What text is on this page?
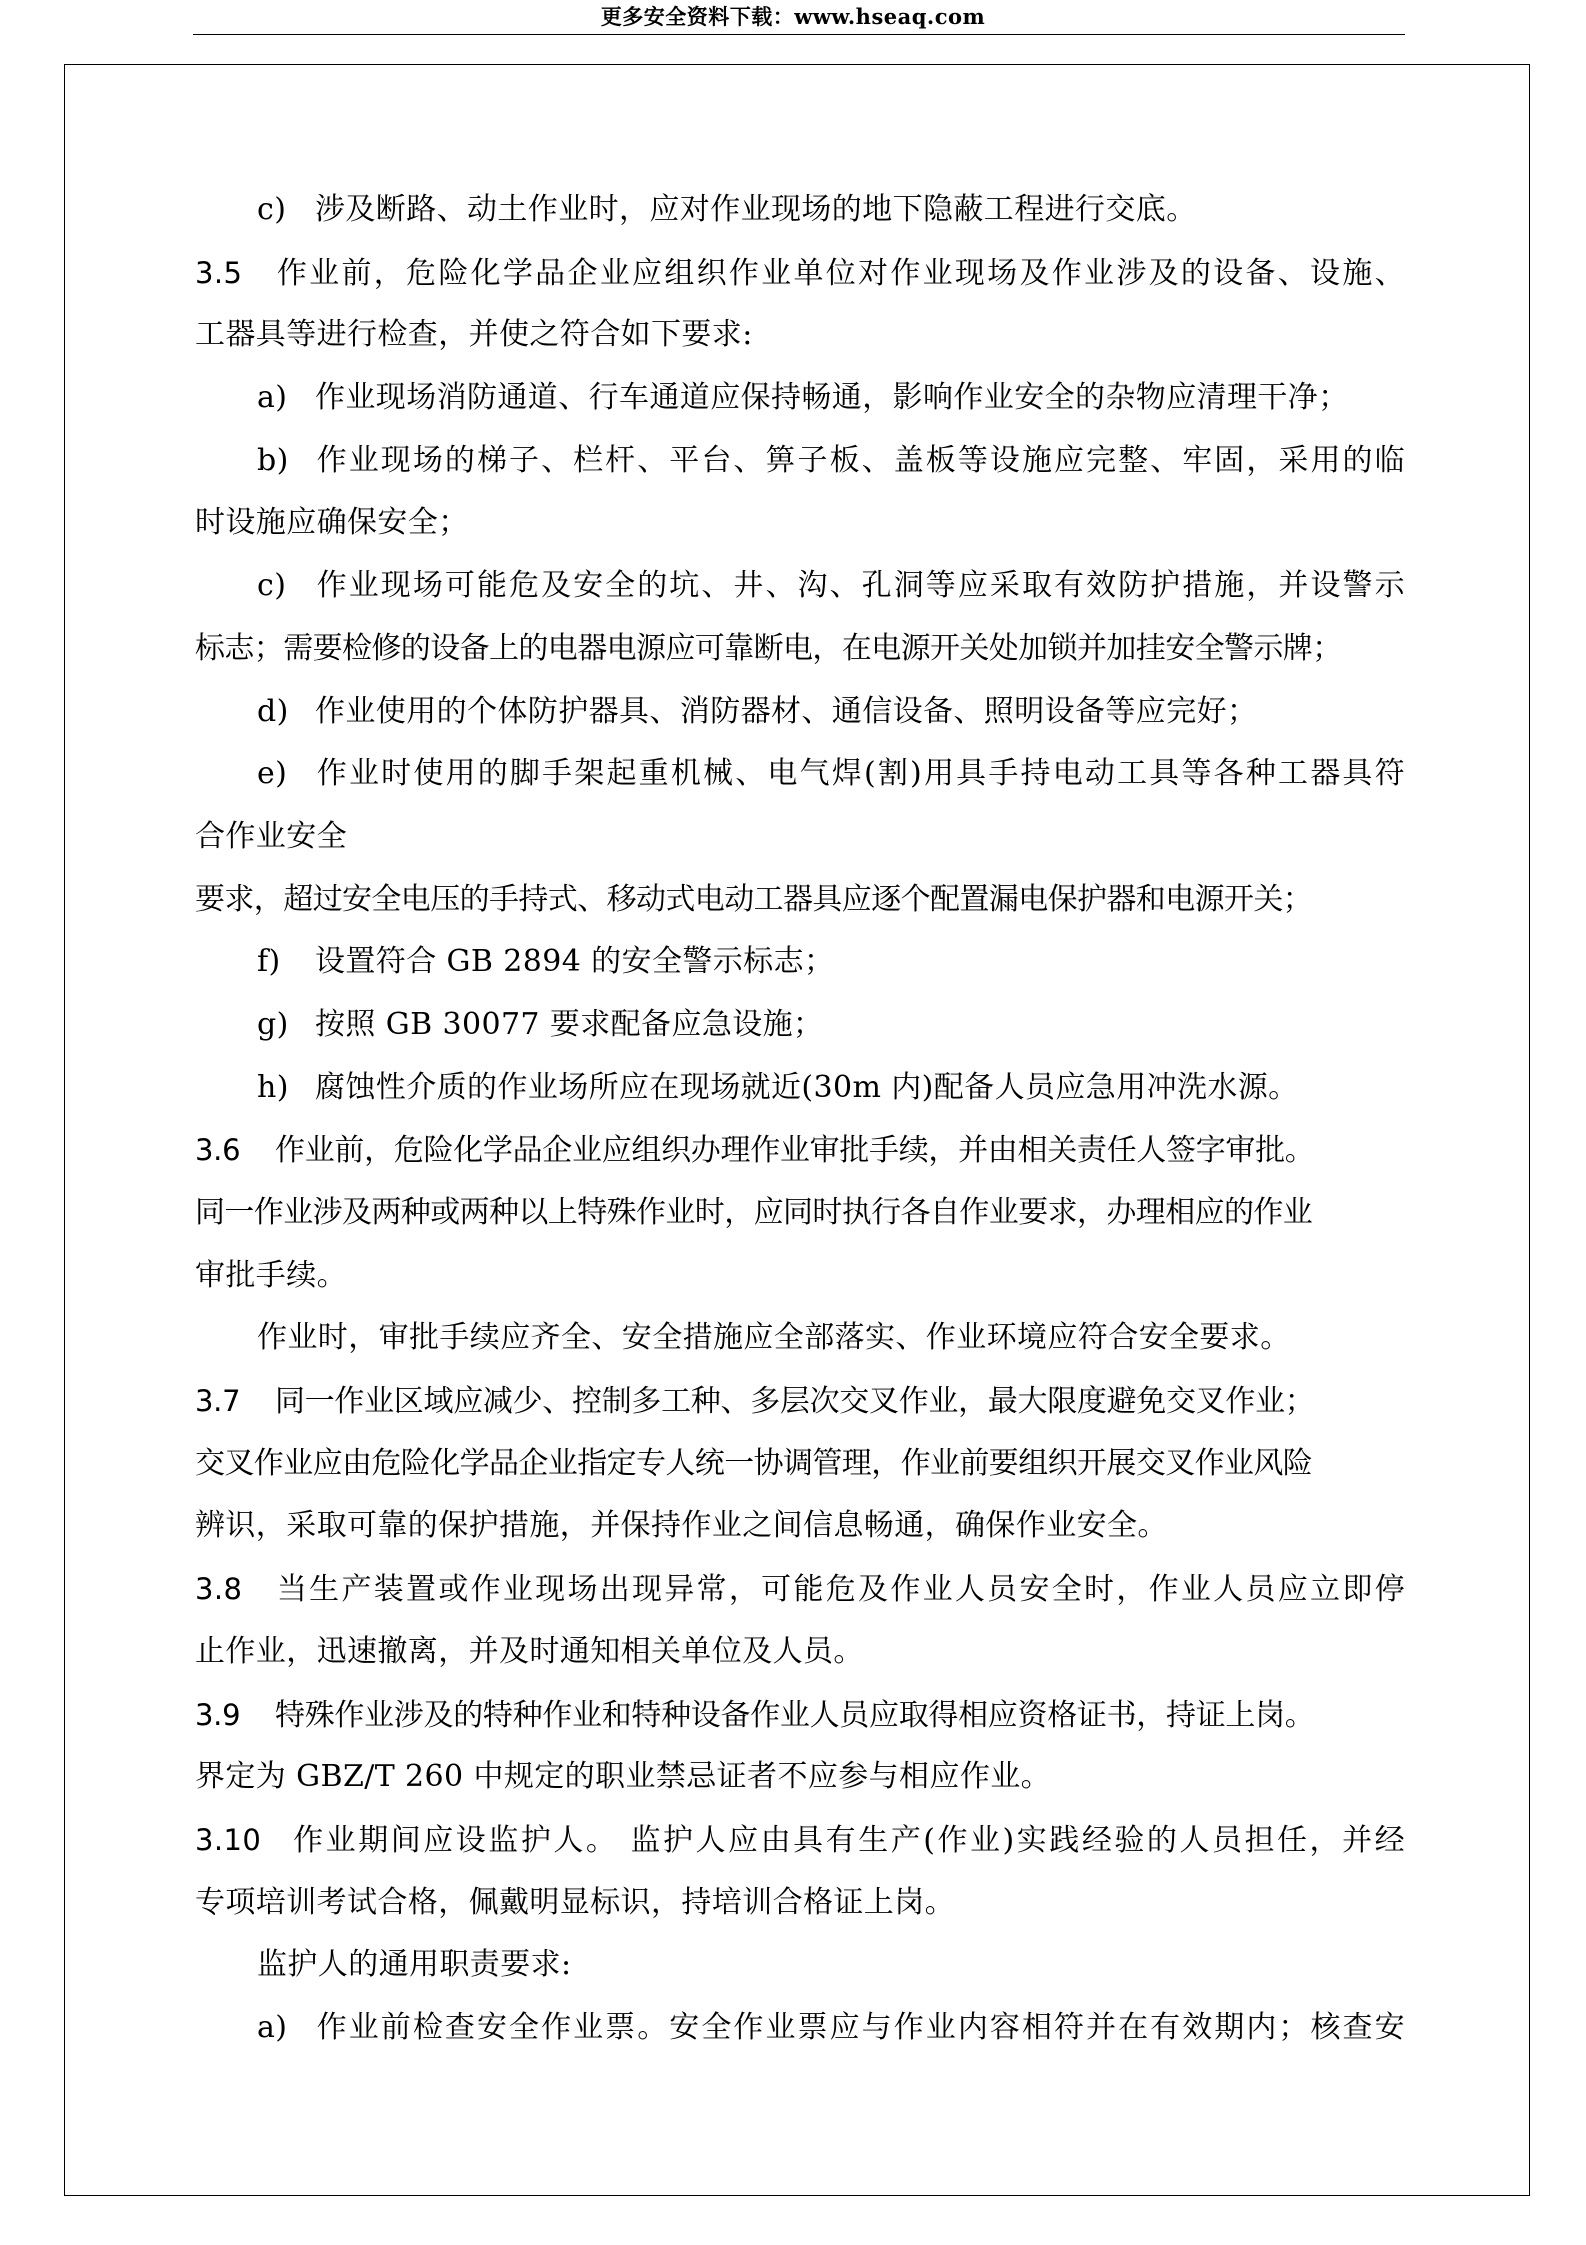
更多安全资料下载：www.hseaq.com
c) 涉及断路、动土作业时，应对作业现场的地下隐蔽工程进行交底。
3.5 作业前，危险化学品企业应组织作业单位对作业现场及作业涉及的设备、设施、
工器具等进行检查，并使之符合如下要求:
a) 作业现场消防通道、行车通道应保持畅通，影响作业安全的杂物应清理干净；
b) 作业现场的梯子、栏杆、平台、箅子板、盖板等设施应完整、牢固，采用的临
时设施应确保安全；
c) 作业现场可能危及安全的坑、井、沟、孔洞等应采取有效防护措施，并设警示
标志；需要检修的设备上的电器电源应可靠断电，在电源开关处加锁并加挂安全警示牌；
d) 作业使用的个体防护器具、消防器材、通信设备、照明设备等应完好；
e) 作业时使用的脚手架起重机械、电气焊(割)用具手持电动工具等各种工器具符
合作业安全
要求，超过安全电压的手持式、移动式电动工器具应逐个配置漏电保护器和电源开关；
f) 设置符合 GB 2894 的安全警示标志；
g) 按照 GB 30077 要求配备应急设施；
h) 腐蚀性介质的作业场所应在现场就近(30m 内)配备人员应急用冲洗水源。
3.6 作业前，危险化学品企业应组织办理作业审批手续，并由相关责任人签字审批。
同一作业涉及两种或两种以上特殊作业时，应同时执行各自作业要求，办理相应的作业
审批手续。
作业时，审批手续应齐全、安全措施应全部落实、作业环境应符合安全要求。
3.7 同一作业区域应减少、控制多工种、多层次交叉作业，最大限度避免交叉作业；
交叉作业应由危险化学品企业指定专人统一协调管理，作业前要组织开展交叉作业风险
辨识，采取可靠的保护措施，并保持作业之间信息畅通，确保作业安全。
3.8 当生产装置或作业现场出现异常，可能危及作业人员安全时，作业人员应立即停
止作业，迅速撤离，并及时通知相关单位及人员。
3.9 特殊作业涉及的特种作业和特种设备作业人员应取得相应资格证书，持证上岗。
界定为 GBZ/T 260 中规定的职业禁忌证者不应参与相应作业。
3.10 作业期间应设监护人。 监护人应由具有生产(作业)实践经验的人员担任，并经
专项培训考试合格，佩戴明显标识，持培训合格证上岗。
监护人的通用职责要求:
a) 作业前检查安全作业票。安全作业票应与作业内容相符并在有效期内；核查安
